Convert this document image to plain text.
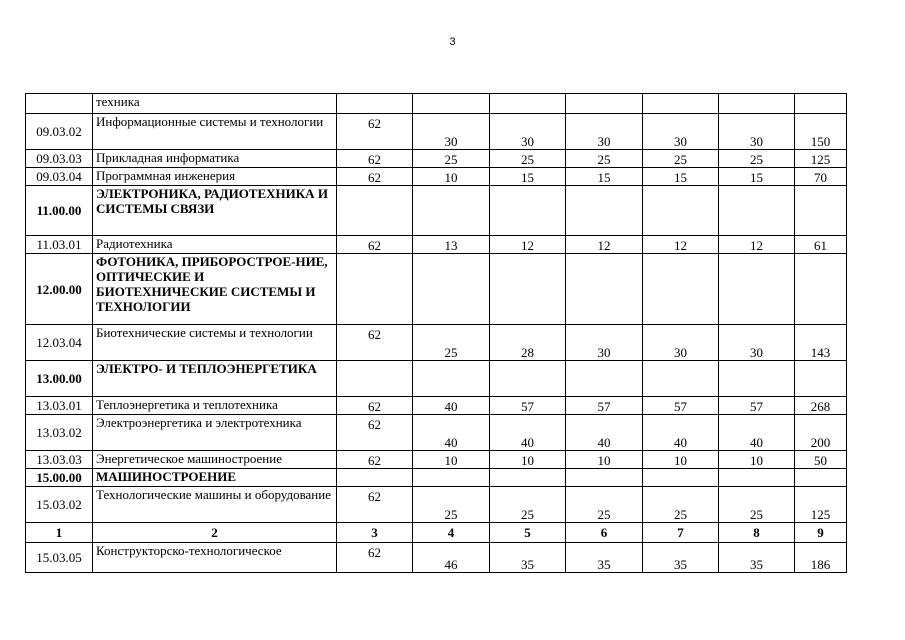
3
	техника							
09.03.02	Информационные системы и технологии	62	30	30	30	30	30	150
09.03.03	Прикладная информатика	62	25	25	25	25	25	125
09.03.04	Программная инженерия	62	10	15	15	15	15	70
11.00.00	ЭЛЕКТРОНИКА, РАДИОТЕХНИКА И СИСТЕМЫ СВЯЗИ							
11.03.01	Радиотехника	62	13	12	12	12	12	61
12.00.00	ФОТОНИКА, ПРИБОРОСТРОЕ-НИЕ, ОПТИЧЕСКИЕ И БИОТЕХНИЧЕСКИЕ СИСТЕМЫ И ТЕХНОЛОГИИ							
12.03.04	Биотехнические системы и технологии	62	25	28	30	30	30	143
13.00.00	ЭЛЕКТРО- И ТЕПЛОЭНЕРГЕТИКА							
13.03.01	Теплоэнергетика и теплотехника	62	40	57	57	57	57	268
13.03.02	Электроэнергетика и электротехника	62	40	40	40	40	40	200
13.03.03	Энергетическое машиностроение	62	10	10	10	10	10	50
15.00.00	МАШИНОСТРОЕНИЕ							
15.03.02	Технологические машины и оборудование	62	25	25	25	25	25	125
1	2	3	4	5	6	7	8	9
15.03.05	Конструкторско-технологическое	62	46	35	35	35	35	186
